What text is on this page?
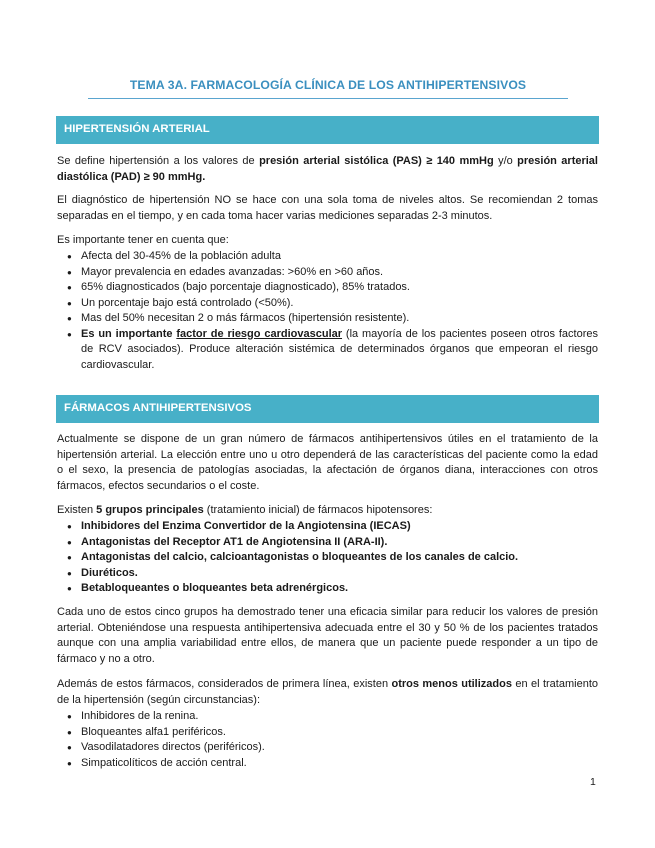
TEMA 3A. FARMACOLOGÍA CLÍNICA DE LOS ANTIHIPERTENSIVOS
HIPERTENSIÓN ARTERIAL

Se define hipertensión a los valores de presión arterial sistólica (PAS) ≥ 140 mmHg y/o presión arterial diastólica (PAD) ≥ 90 mmHg.

El diagnóstico de hipertensión NO se hace con una sola toma de niveles altos. Se recomiendan 2 tomas separadas en el tiempo, y en cada toma hacer varias mediciones separadas 2-3 minutos.

Es importante tener en cuenta que:

● Afecta del 30-45% de la población adulta
● Mayor prevalencia en edades avanzadas: >60% en >60 años.
● 65% diagnosticados (bajo porcentaje diagnosticado), 85% tratados.
● Un porcentaje bajo está controlado (<50%).
● Mas del 50% necesitan 2 o más fármacos (hipertensión resistente).
● Es un importante factor de riesgo cardiovascular (la mayoría de los pacientes poseen otros factores de RCV asociados). Produce alteración sistémica de determinados órganos que empeoran el riesgo cardiovascular.
FÁRMACOS ANTIHIPERTENSIVOS

Actualmente se dispone de un gran número de fármacos antihipertensivos útiles en el tratamiento de la hipertensión arterial. La elección entre uno u otro dependerá de las características del paciente como la edad o el sexo, la presencia de patologías asociadas, la afectación de órganos diana, interacciones con otros fármacos, efectos secundarios o el coste.

Existen 5 grupos principales (tratamiento inicial) de fármacos hipotensores:

● Inhibidores del Enzima Convertidor de la Angiotensina (IECAS)
● Antagonistas del Receptor AT1 de Angiotensina II (ARA-II).
● Antagonistas del calcio, calcioantagonistas o bloqueantes de los canales de calcio.
● Diuréticos.
● Betabloqueantes o bloqueantes beta adrenérgicos.

Cada uno de estos cinco grupos ha demostrado tener una eficacia similar para reducir los valores de presión arterial. Obteniéndose una respuesta antihipertensiva adecuada entre el 30 y 50 % de los pacientes tratados aunque con una amplia variabilidad entre ellos, de manera que un paciente puede responder a un tipo de fármaco y no a otro.

Además de estos fármacos, considerados de primera línea, existen otros menos utilizados en el tratamiento de la hipertensión (según circunstancias):

● Inhibidores de la renina.
● Bloqueantes alfa1 periféricos.
● Vasodilatadores directos (periféricos).
● Simpaticolíticos de acción central.
1
